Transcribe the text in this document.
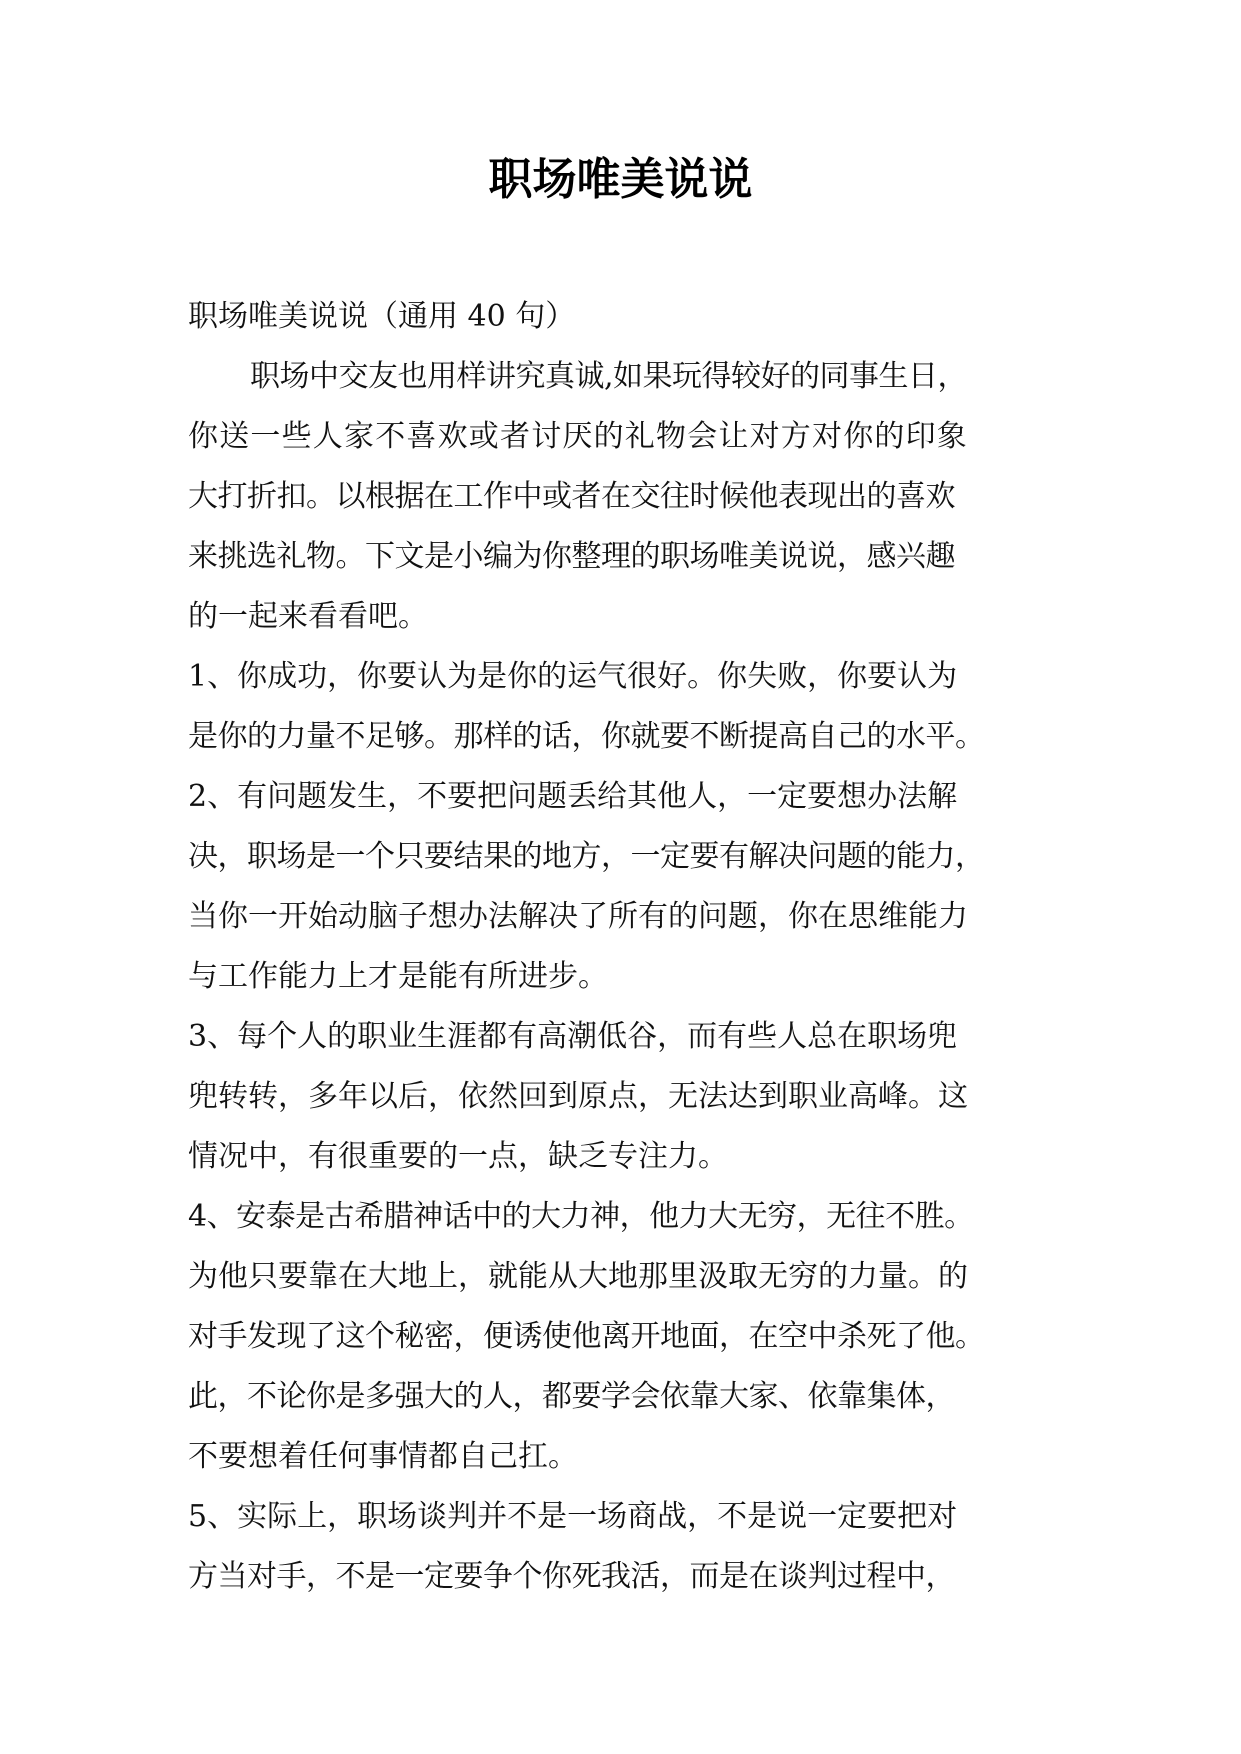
职场唯美说说

职场唯美说说（通用 40 句）

职场中交友也用样讲究真诚,如果玩得较好的同事生日，

你送一些人家不喜欢或者讨厌的礼物会让对方对你的印象

大打折扣。以根据在工作中或者在交往时候他表现出的喜欢

来挑选礼物。下文是小编为你整理的职场唯美说说，感兴趣

的一起来看看吧。

1、你成功，你要认为是你的运气很好。你失败，你要认为

是你的力量不足够。那样的话，你就要不断提高自己的水平。

2、有问题发生，不要把问题丢给其他人，一定要想办法解

决，职场是一个只要结果的地方，一定要有解决问题的能力，

当你一开始动脑子想办法解决了所有的问题，你在思维能力

与工作能力上才是能有所进步。

3、每个人的职业生涯都有高潮低谷，而有些人总在职场兜

兜转转，多年以后，依然回到原点，无法达到职业高峰。这

情况中，有很重要的一点，缺乏专注力。

4、安泰是古希腊神话中的大力神，他力大无穷，无往不胜。

为他只要靠在大地上，就能从大地那里汲取无穷的力量。的

对手发现了这个秘密，便诱使他离开地面，在空中杀死了他。

此，不论你是多强大的人，都要学会依靠大家、依靠集体，

不要想着任何事情都自己扛。

5、实际上，职场谈判并不是一场商战，不是说一定要把对

方当对手，不是一定要争个你死我活，而是在谈判过程中，
